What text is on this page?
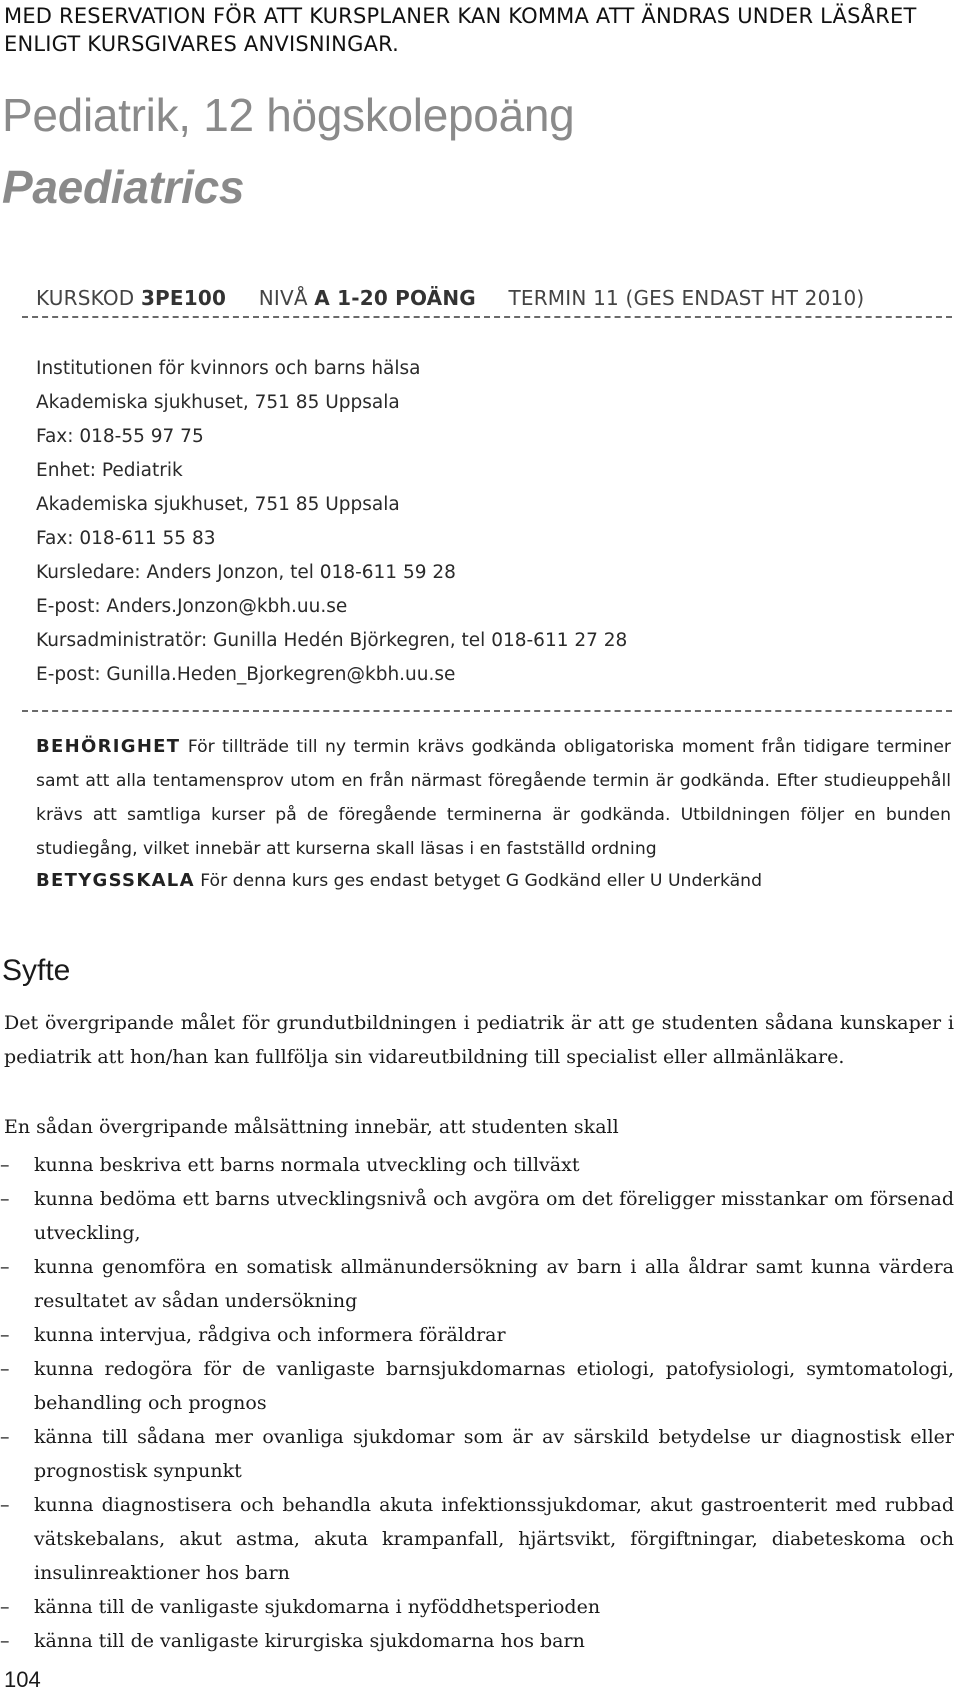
MED RESERVATION FÖR ATT KURSPLANER KAN KOMMA ATT ÄNDRAS UNDER LÄSÅRET ENLIGT KURSGIVARES ANVISNINGAR.
Pediatrik, 12 högskolepoäng
Paediatrics
KURSKOD 3PE100 NIVÅ A 1-20 POÄNG TERMIN 11 (GES ENDAST HT 2010)
Institutionen för kvinnors och barns hälsa
Akademiska sjukhuset, 751 85 Uppsala
Fax: 018-55 97 75
Enhet: Pediatrik
Akademiska sjukhuset, 751 85 Uppsala
Fax: 018-611 55 83
Kursledare: Anders Jonzon, tel 018-611 59 28
E-post: Anders.Jonzon@kbh.uu.se
Kursadministratör: Gunilla Hedén Björkegren, tel 018-611 27 28
E-post: Gunilla.Heden_Bjorkegren@kbh.uu.se
BEHÖRIGHET För tillträde till ny termin krävs godkända obligatoriska moment från tidigare terminer samt att alla tentamensprov utom en från närmast föregående termin är godkända. Efter studieuppehåll krävs att samtliga kurser på de föregående terminerna är godkända. Utbildningen följer en bunden studiegång, vilket innebär att kurserna skall läsas i en fastställd ordning
BETYGSSKALA För denna kurs ges endast betyget G Godkänd eller U Underkänd
Syfte

Det övergripande målet för grundutbildningen i pediatrik är att ge studenten sådana kunskaper i pediatrik att hon/han kan fullfölja sin vidareutbildning till specialist eller allmänläkare.

En sådan övergripande målsättning innebär, att studenten skall

–	kunna beskriva ett barns normala utveckling och tillväxt
–	kunna bedöma ett barns utvecklingsnivå och avgöra om det föreligger misstankar om försenad utveckling,
–	kunna genomföra en somatisk allmänundersökning av barn i alla åldrar samt kunna värdera resultatet av sådan undersökning
–	kunna intervjua, rådgiva och informera föräldrar
–	kunna redogöra för de vanligaste barnsjukdomarnas etiologi, patofysiologi, symtomatologi, behandling och prognos
–	känna till sådana mer ovanliga sjukdomar som är av särskild betydelse ur diagnostisk eller prognostisk synpunkt
–	kunna diagnostisera och behandla akuta infektionssjukdomar, akut gastroenterit med rubbad vätskebalans, akut astma, akuta krampanfall, hjärtsvikt, förgiftningar, diabeteskoma och insulinreaktioner hos barn
–	känna till de vanligaste sjukdomarna i nyföddhetsperioden
–	känna till de vanligaste kirurgiska sjukdomarna hos barn
104
